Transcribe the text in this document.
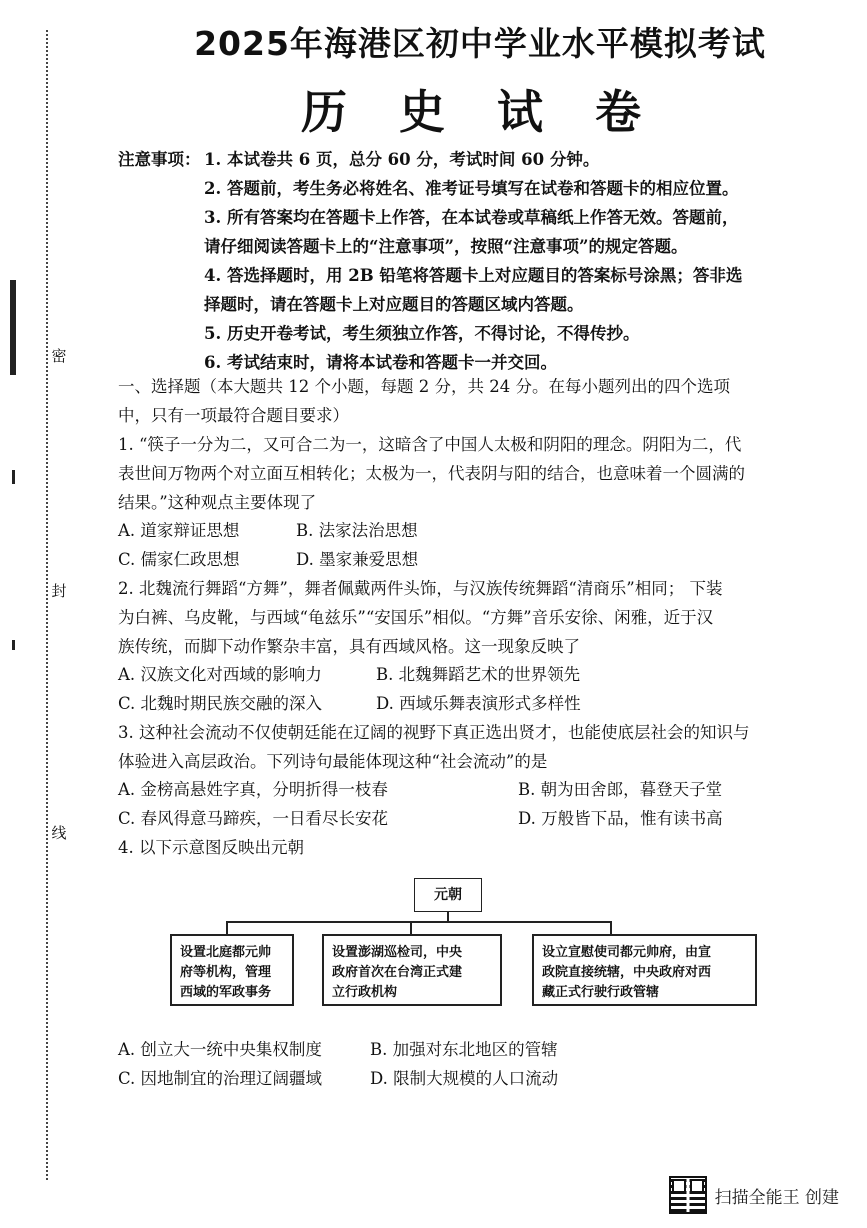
密
封
线
2025年海港区初中学业水平模拟考试
历 史 试 卷
注意事项： 1. 本试卷共 6 页，总分 60 分，考试时间 60 分钟。
2. 答题前，考生务必将姓名、准考证号填写在试卷和答题卡的相应位置。
3. 所有答案均在答题卡上作答，在本试卷或草稿纸上作答无效。答题前，
请仔细阅读答题卡上的“注意事项”，按照“注意事项”的规定答题。
4. 答选择题时，用 2B 铅笔将答题卡上对应题目的答案标号涂黑；答非选
择题时，请在答题卡上对应题目的答题区域内答题。
5. 历史开卷考试，考生须独立作答，不得讨论，不得传抄。
6. 考试结束时，请将本试卷和答题卡一并交回。
一、选择题（本大题共 12 个小题，每题 2 分，共 24 分。在每小题列出的四个选项
中，只有一项最符合题目要求）
1. “筷子一分为二，又可合二为一，这暗含了中国人太极和阴阳的理念。阴阳为二，代
表世间万物两个对立面互相转化；太极为一，代表阴与阳的结合，也意味着一个圆满的
结果。”这种观点主要体现了
A. 道家辩证思想	B. 法家法治思想
C. 儒家仁政思想	D. 墨家兼爱思想
2. 北魏流行舞蹈“方舞”，舞者佩戴两件头饰，与汉族传统舞蹈“清商乐”相同； 下装
为白裤、乌皮靴，与西域“龟兹乐”“安国乐”相似。“方舞”音乐安徐、闲雅，近于汉
族传统，而脚下动作繁杂丰富，具有西域风格。这一现象反映了
A. 汉族文化对西域的影响力	B. 北魏舞蹈艺术的世界领先
C. 北魏时期民族交融的深入	D. 西域乐舞表演形式多样性
3. 这种社会流动不仅使朝廷能在辽阔的视野下真正选出贤才，也能使底层社会的知识与
体验进入高层政治。下列诗句最能体现这种“社会流动”的是
A. 金榜高悬姓字真，分明折得一枝春	B. 朝为田舍郎，暮登天子堂
C. 春风得意马蹄疾，一日看尽长安花	D. 万般皆下品，惟有读书高
4. 以下示意图反映出元朝
元朝
设置北庭都元帅
府等机构，管理
西域的军政事务
设置澎湖巡检司，中央
政府首次在台湾正式建
立行政机构
设立宣慰使司都元帅府，由宣
政院直接统辖，中央政府对西
藏正式行驶行政管辖
A. 创立大一统中央集权制度	B. 加强对东北地区的管辖
C. 因地制宜的治理辽阔疆域	D. 限制大规模的人口流动
扫描全能王 创建
